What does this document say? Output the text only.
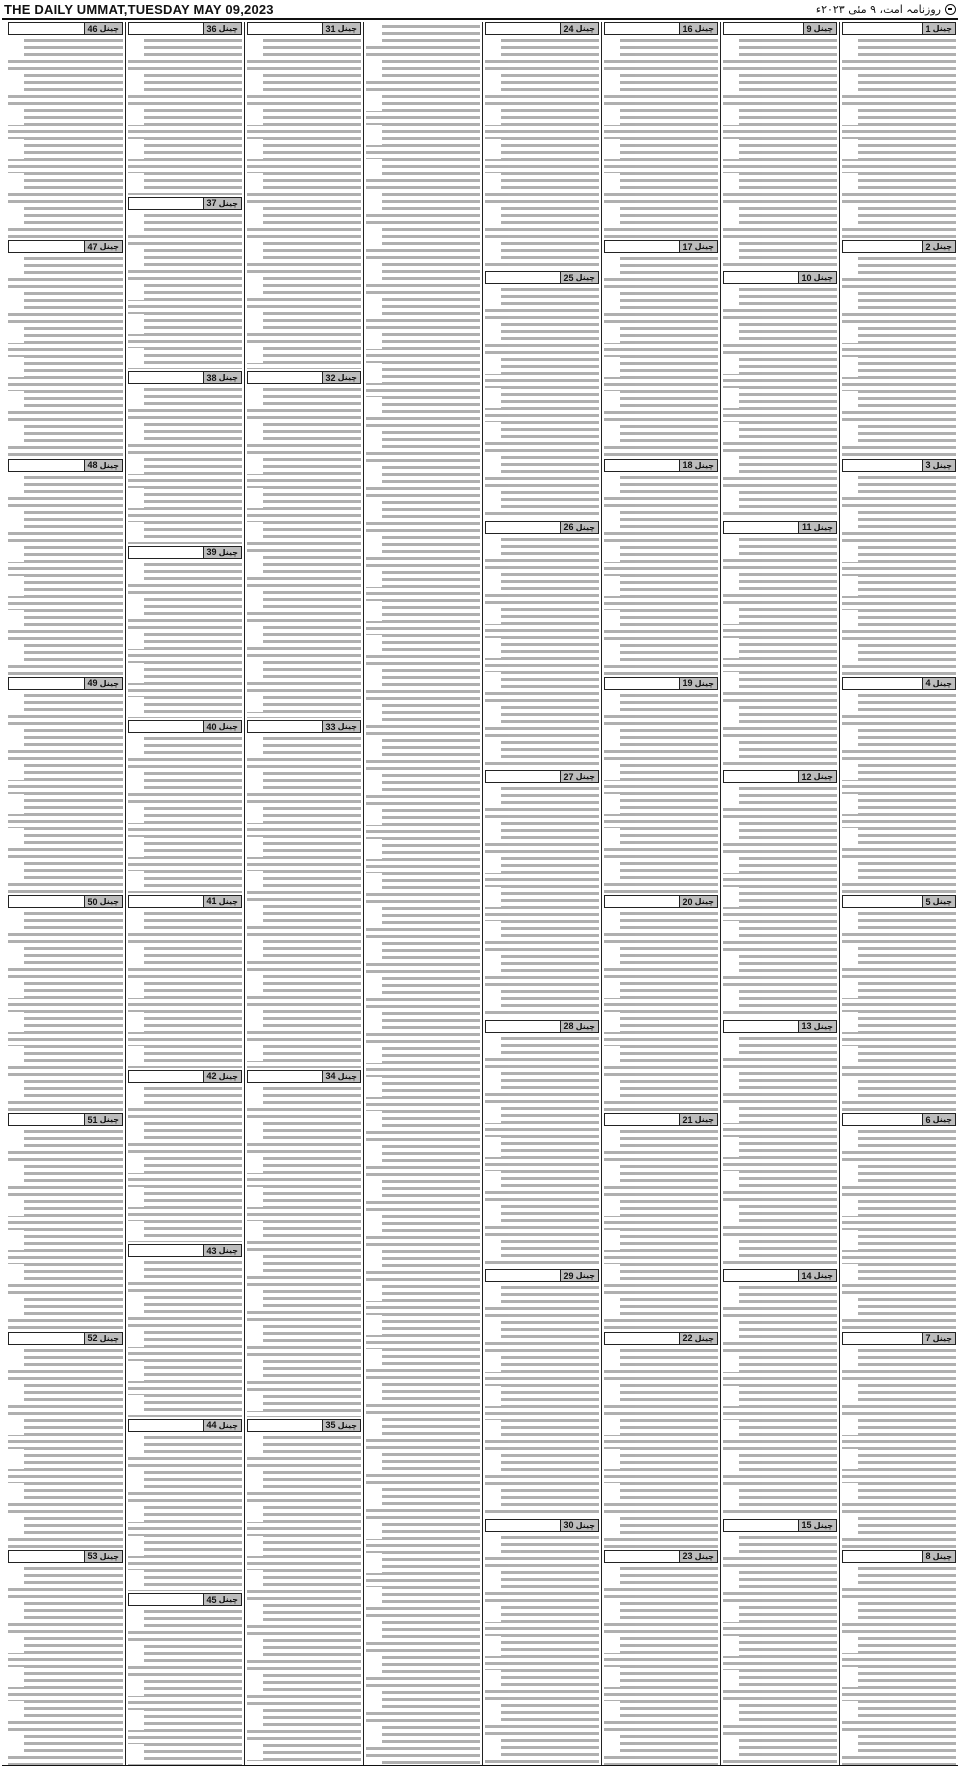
THE DAILY UMMAT,TUESDAY MAY 09,2023	روزنامہ امت، ۹ مئی ۲۰۲۳ء
چینل
1
چینل
2
چینل
3
چینل
4
چینل
5
چینل
6
چینل
7
چینل
8
چینل
9
چینل
10
چینل
11
چینل
12
چینل
13
چینل
14
چینل
15
چینل
16
چینل
17
چینل
18
چینل
19
چینل
20
چینل
21
چینل
22
چینل
23
چینل
24
چینل
25
چینل
26
چینل
27
چینل
28
چینل
29
چینل
30
چینل
31
چینل
32
چینل
33
چینل
34
چینل
35
چینل
36
چینل
37
چینل
38
چینل
39
چینل
40
چینل
41
چینل
42
چینل
43
چینل
44
چینل
45
چینل
46
چینل
47
چینل
48
چینل
49
چینل
50
چینل
51
چینل
52
چینل
53
